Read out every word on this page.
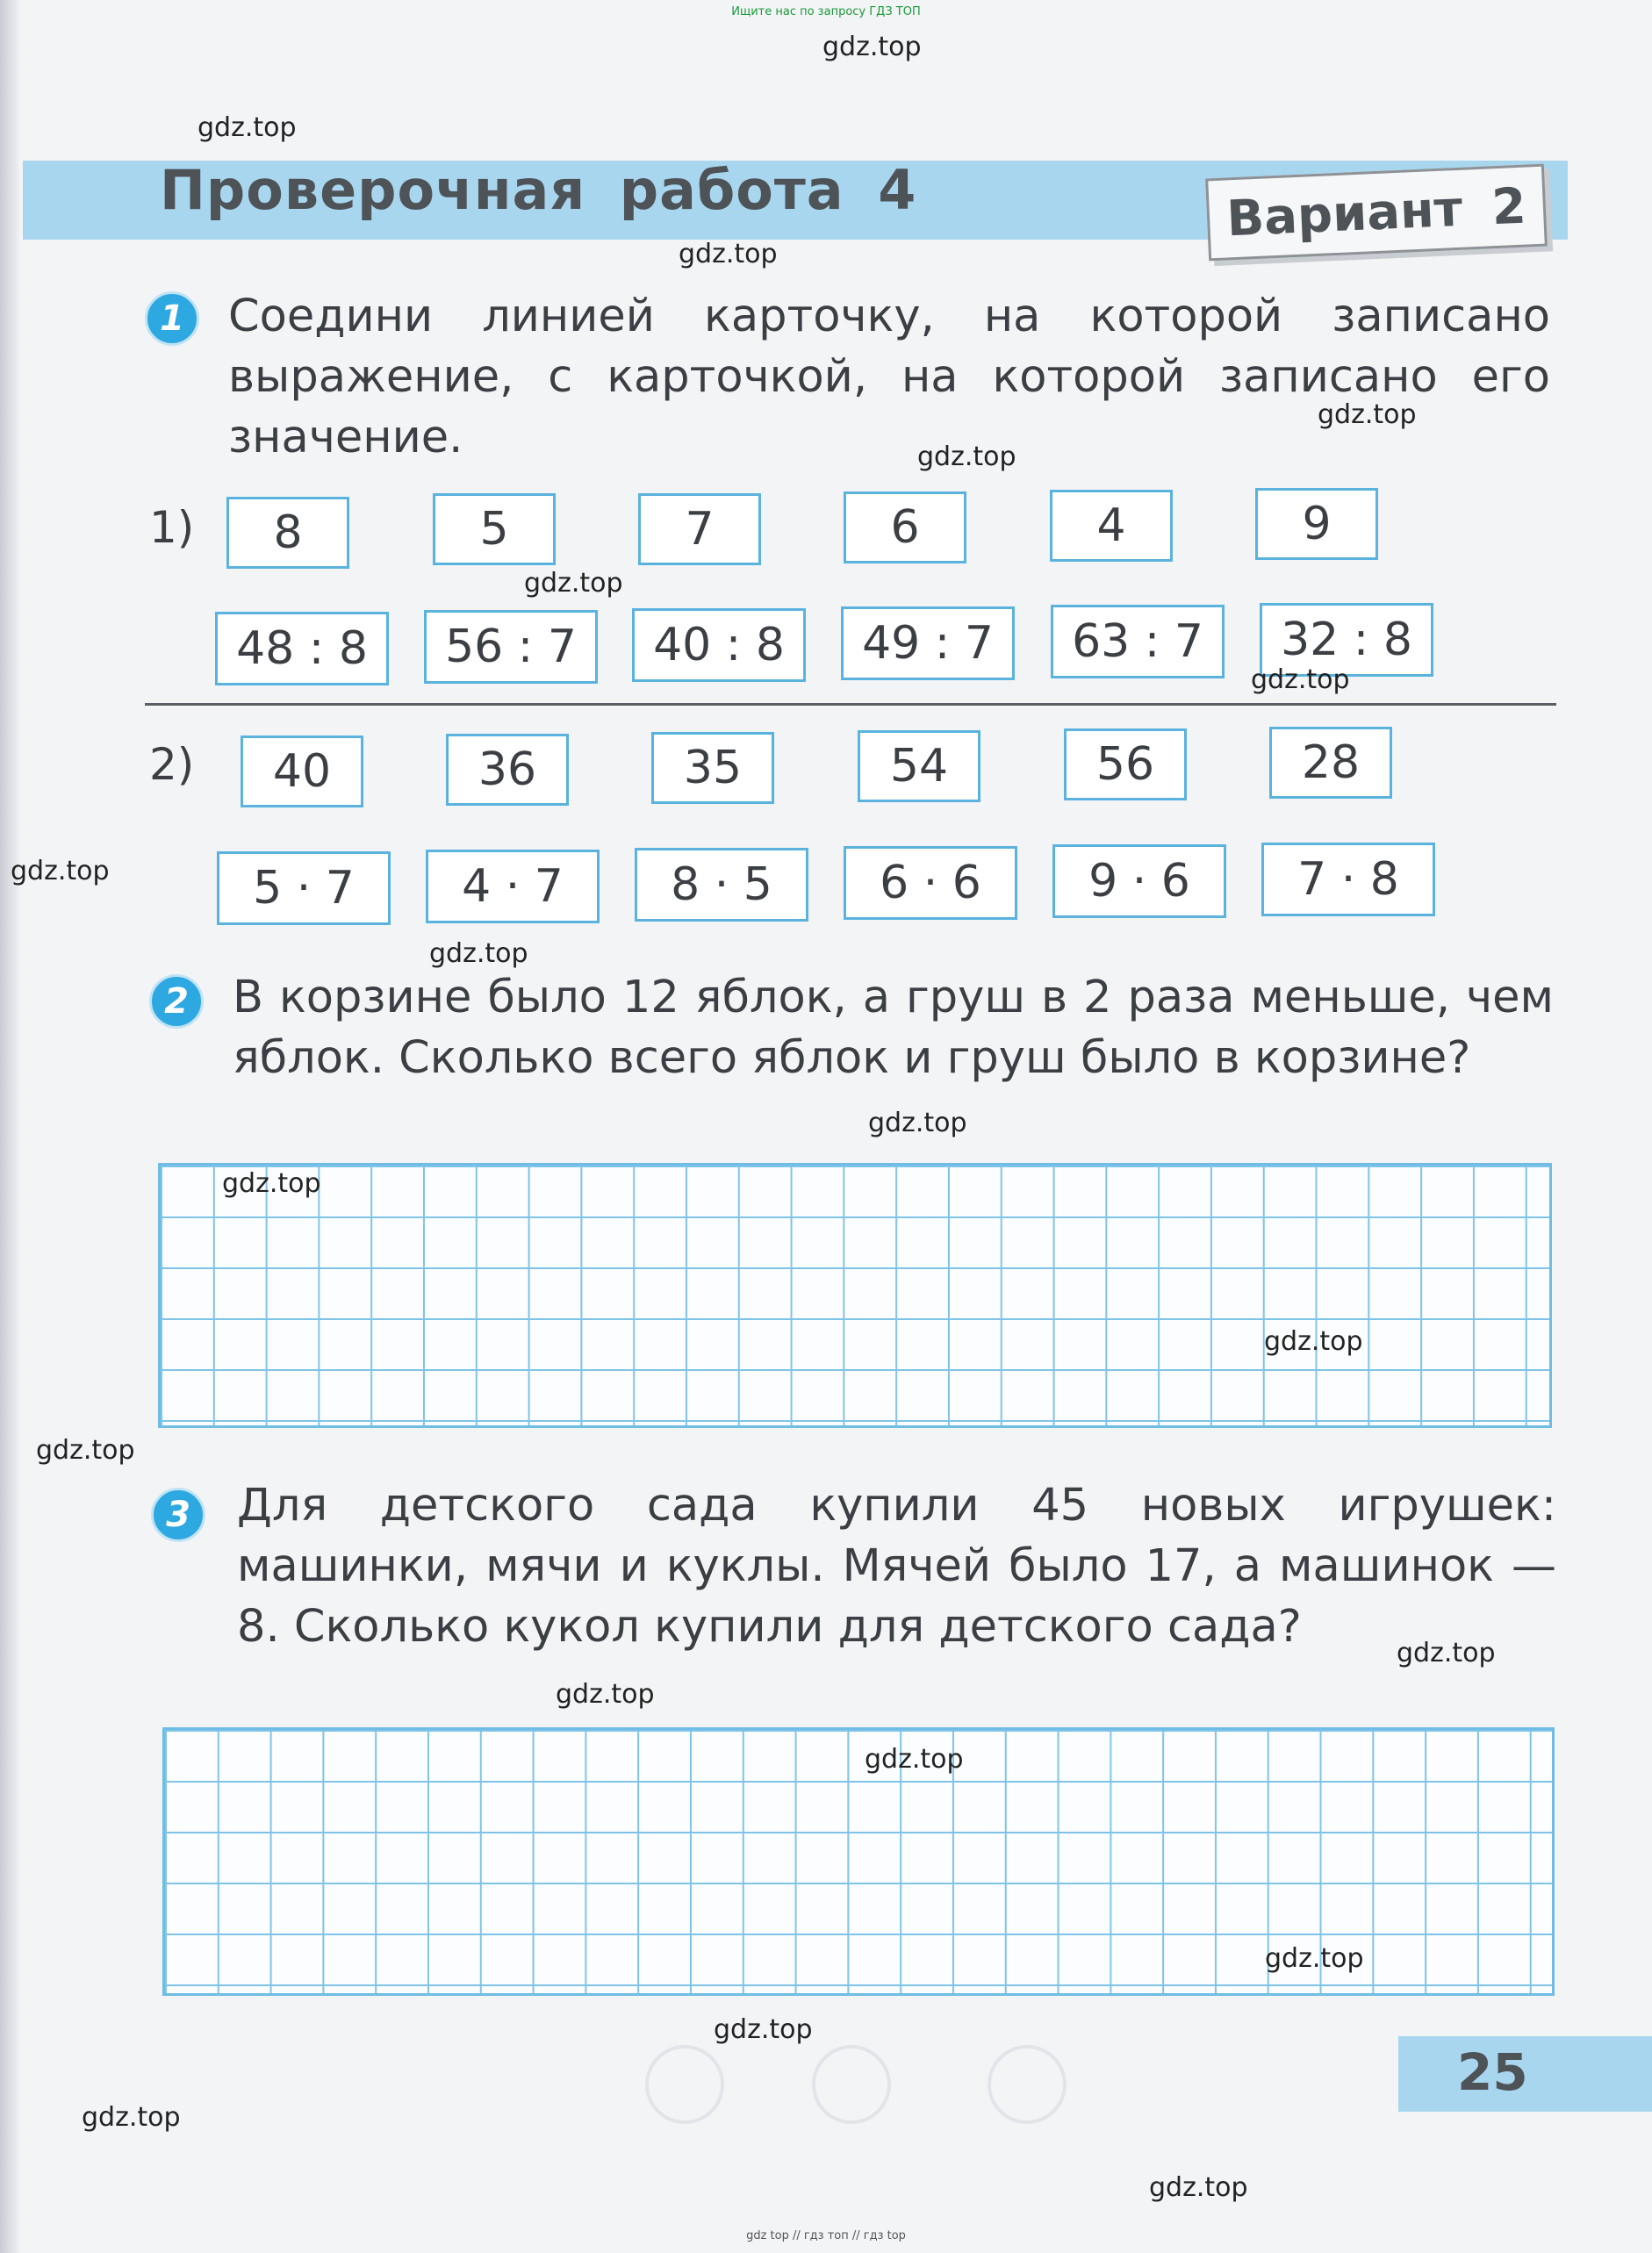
Ищите нас по запросу ГДЗ ТОП
Проверочная работа 4	Вариант 2
1 Соедини линией карточку, на которой записано выражение, с карточкой, на которой записано его значение.
1)	8	5	7	6	4	9
48 : 8	56 : 7	40 : 8	49 : 7	63 : 7	32 : 8
2)	40	36	35	54	56	28
5 · 7	4 · 7	8 · 5	6 · 6	9 · 6	7 · 8
2 В корзине было 12 яблок, а груш в 2 раза меньше, чем яблок. Сколько всего яблок и груш было в корзине?
3	Для детского сада купили 45 новых игрушек: машинки, мячи и куклы. Мячей было 17, а машинок — 8. Сколько кукол купили для детского сада?
25
gdz.top
gdz.top
gdz.top
gdz.top
gdz.top
gdz.top
gdz.top
gdz.top
gdz.top
gdz.top
gdz.top
gdz.top
gdz.top
gdz.top
gdz.top
gdz.top
gdz.top
gdz.top
gdz.top
gdz.top
gdz top // гдз топ // гдз top
